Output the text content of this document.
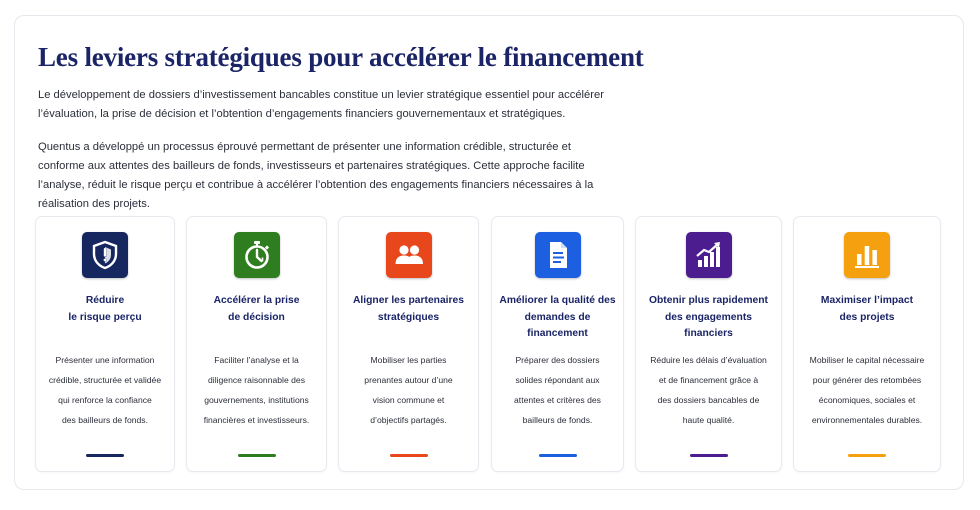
Les leviers stratégiques pour accélérer le financement

Le développement de dossiers d’investissement bancables constitue un levier stratégique essentiel pour accélérer l’évaluation, la prise de décision et l’obtention d’engagements financiers gouvernementaux et stratégiques.

Quentus a développé un processus éprouvé permettant de présenter une information crédible, structurée et conforme aux attentes des bailleurs de fonds, investisseurs et partenaires stratégiques. Cette approche facilite l’analyse, réduit le risque perçu et contribue à accélérer l’obtention des engagements financiers nécessaires à la réalisation des projets.

Réduire
le risque perçu
Présenter une information
crédible, structurée et validée
qui renforce la confiance
des bailleurs de fonds.
Accélérer la prise
de décision
Faciliter l’analyse et la
diligence raisonnable des
gouvernements, institutions
financières et investisseurs.
Aligner les partenaires
stratégiques
Mobiliser les parties
prenantes autour d’une
vision commune et
d’objectifs partagés.
Améliorer la qualité des
demandes de financement
Préparer des dossiers
solides répondant aux
attentes et critères des
bailleurs de fonds.
Obtenir plus rapidement
des engagements
financiers
Réduire les délais d’évaluation
et de financement grâce à
des dossiers bancables de
haute qualité.
Maximiser l’impact
des projets
Mobiliser le capital nécessaire
pour générer des retombées
économiques, sociales et
environnementales durables.
